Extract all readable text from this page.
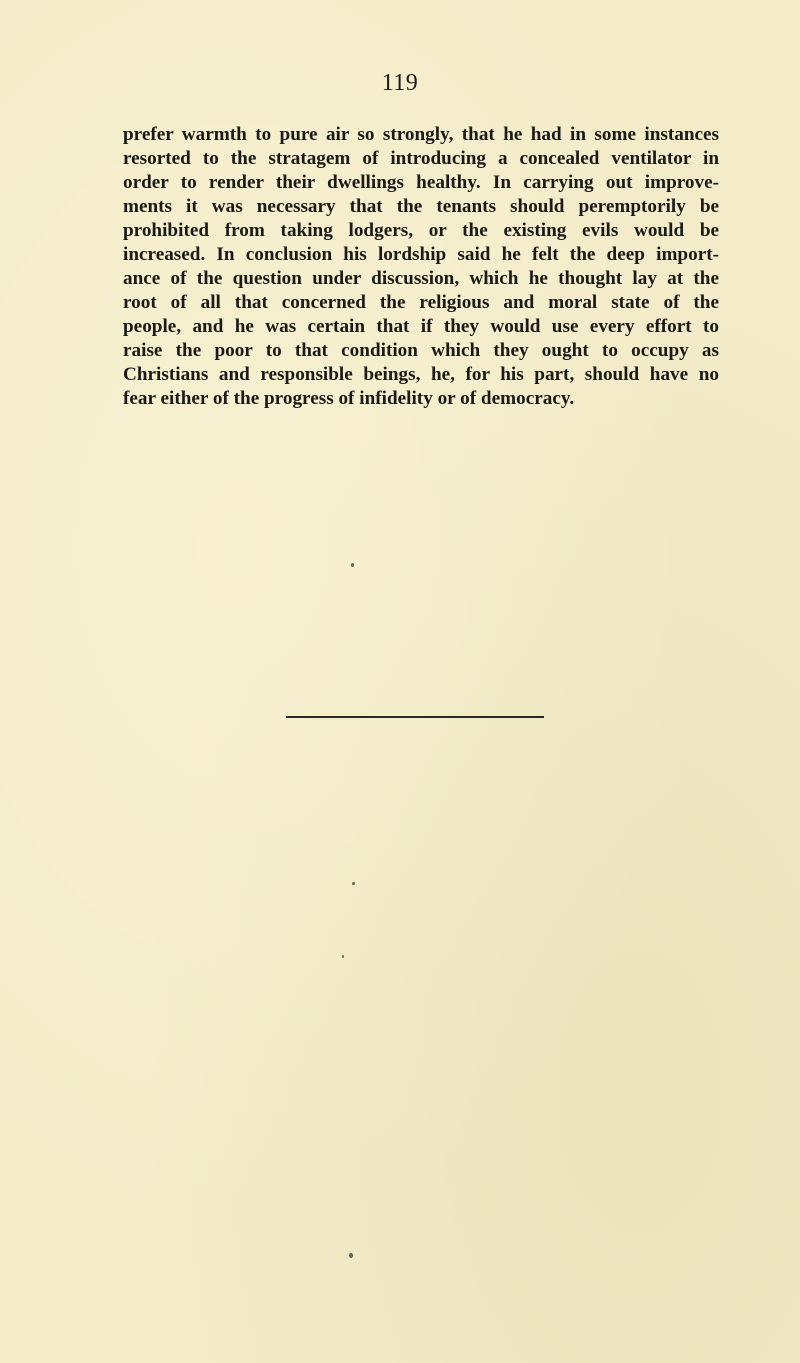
119

prefer warmth to pure air so strongly, that he had in some instances
resorted to the stratagem of introducing a concealed ventilator in
order to render their dwellings healthy. In carrying out improve-
ments it was necessary that the tenants should peremptorily be
prohibited from taking lodgers, or the existing evils would be
increased. In conclusion his lordship said he felt the deep import-
ance of the question under discussion, which he thought lay at the
root of all that concerned the religious and moral state of the
people, and he was certain that if they would use every effort to
raise the poor to that condition which they ought to occupy as
Christians and responsible beings, he, for his part, should have no
fear either of the progress of infidelity or of democracy.
